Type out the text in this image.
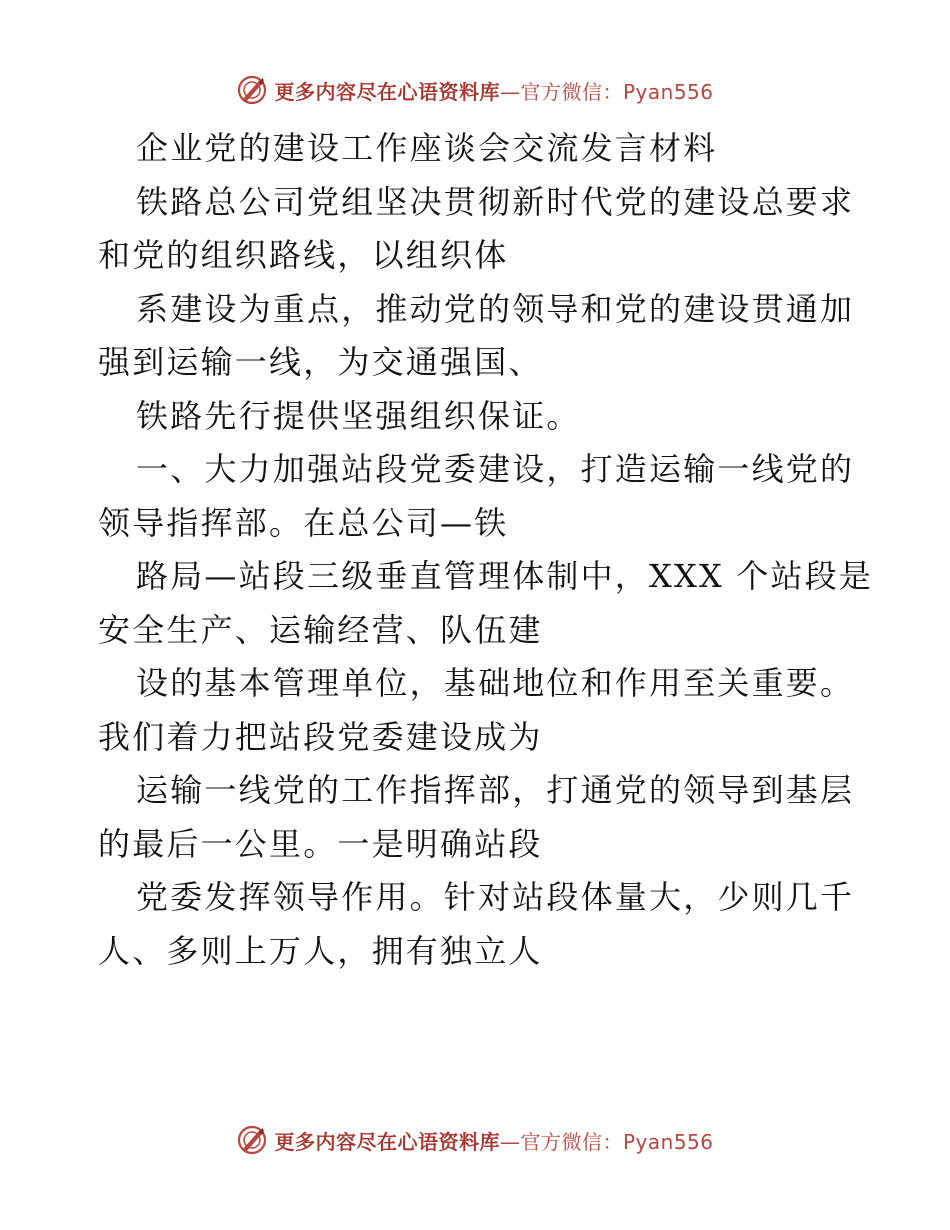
更多内容尽在心语资料库—官方微信：Pyan556
企业党的建设工作座谈会交流发言材料
铁路总公司党组坚决贯彻新时代党的建设总要求
和党的组织路线，以组织体
系建设为重点，推动党的领导和党的建设贯通加
强到运输一线，为交通强国、
铁路先行提供坚强组织保证。
一、大力加强站段党委建设，打造运输一线党的
领导指挥部。在总公司—铁
路局—站段三级垂直管理体制中，XXX 个站段是
安全生产、运输经营、队伍建
设的基本管理单位，基础地位和作用至关重要。
我们着力把站段党委建设成为
运输一线党的工作指挥部，打通党的领导到基层
的最后一公里。一是明确站段
党委发挥领导作用。针对站段体量大，少则几千
人、多则上万人，拥有独立人
更多内容尽在心语资料库—官方微信：Pyan556
